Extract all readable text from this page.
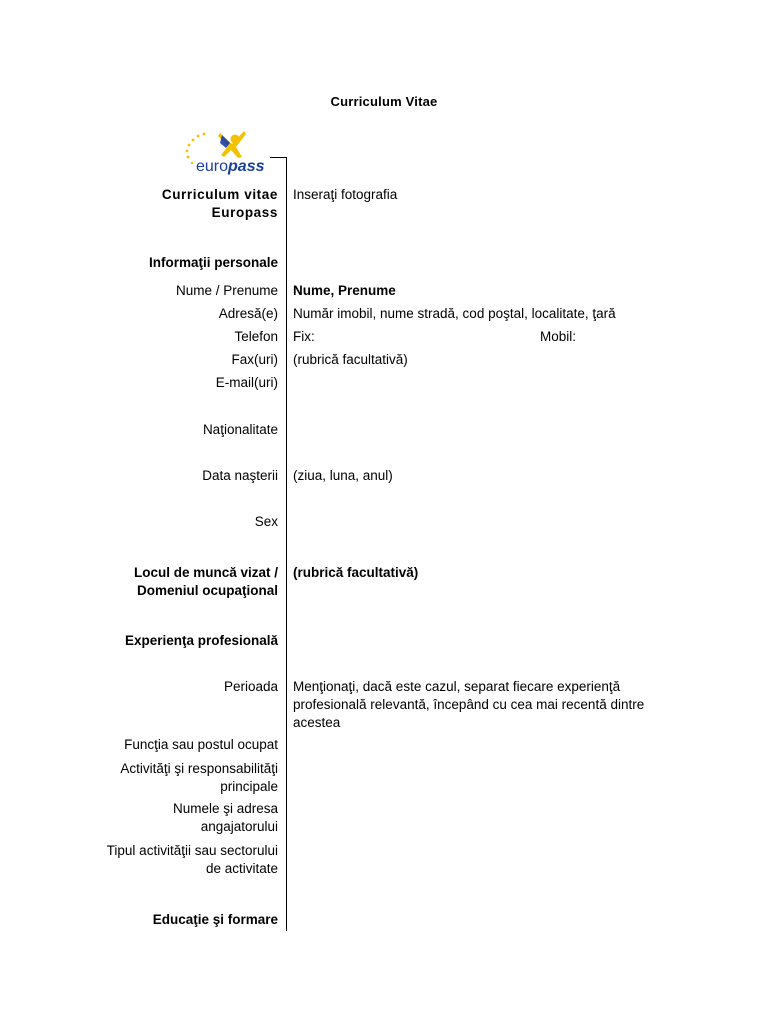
Curriculum Vitae
europass
Curriculum vitae
Europass
Inseraţi fotografia
Informaţii personale
Nume / Prenume Nume, Prenume
Adresă(e) Număr imobil, nume stradă, cod poştal, localitate, ţară
Telefon Fix:	Mobil:
Fax(uri) (rubrică facultativă)
E-mail(uri)
Naţionalitate
Data naşterii (ziua, luna, anul)
Sex
Locul de muncă vizat /
Domeniul ocupaţional
(rubrică facultativă)
Experienţa profesională
Perioada Menţionaţi, dacă este cazul, separat fiecare experienţă
profesională relevantă, începând cu cea mai recentă dintre
acestea
Funcţia sau postul ocupat
Activităţi şi responsabilităţi
principale
Numele şi adresa
angajatorului
Tipul activităţii sau sectorului
de activitate
Educaţie şi formare
